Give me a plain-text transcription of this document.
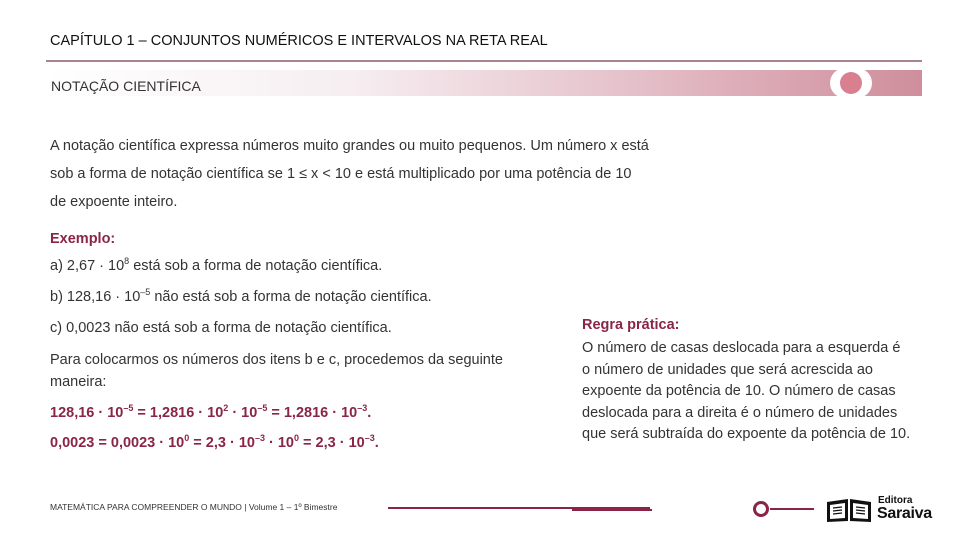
CAPÍTULO 1 – CONJUNTOS NUMÉRICOS E INTERVALOS NA RETA REAL
NOTAÇÃO CIENTÍFICA
A notação científica expressa números muito grandes ou muito pequenos. Um número x está sob a forma de notação científica se 1 ≤ x < 10 e está multiplicado por uma potência de 10 de expoente inteiro.
Exemplo:
a) $2,67 \cdot 10^8$ está sob a forma de notação científica.
b) $128,16 \cdot 10^{-5}$ não está sob a forma de notação científica.
c) 0,0023 não está sob a forma de notação científica.
Para colocarmos os números dos itens b e c, procedemos da seguinte maneira:
$128,16 \cdot 10^{-5} = 1,2816 \cdot 10^2 \cdot 10^{-5} = 1,2816 \cdot 10^{-3}$.
$0,0023 = 0,0023 \cdot 10^0 = 2,3 \cdot 10^{-3} \cdot 10^0 = 2,3 \cdot 10^{-3}$.
Regra prática:
O número de casas deslocada para a esquerda é o número de unidades que será acrescida ao expoente da potência de 10. O número de casas deslocada para a direita é o número de unidades que será subtraída do expoente da potência de 10.
MATEMÁTICA PARA COMPREENDER O MUNDO | Volume 1 – 1º Bimestre
Editora
Saraiva
